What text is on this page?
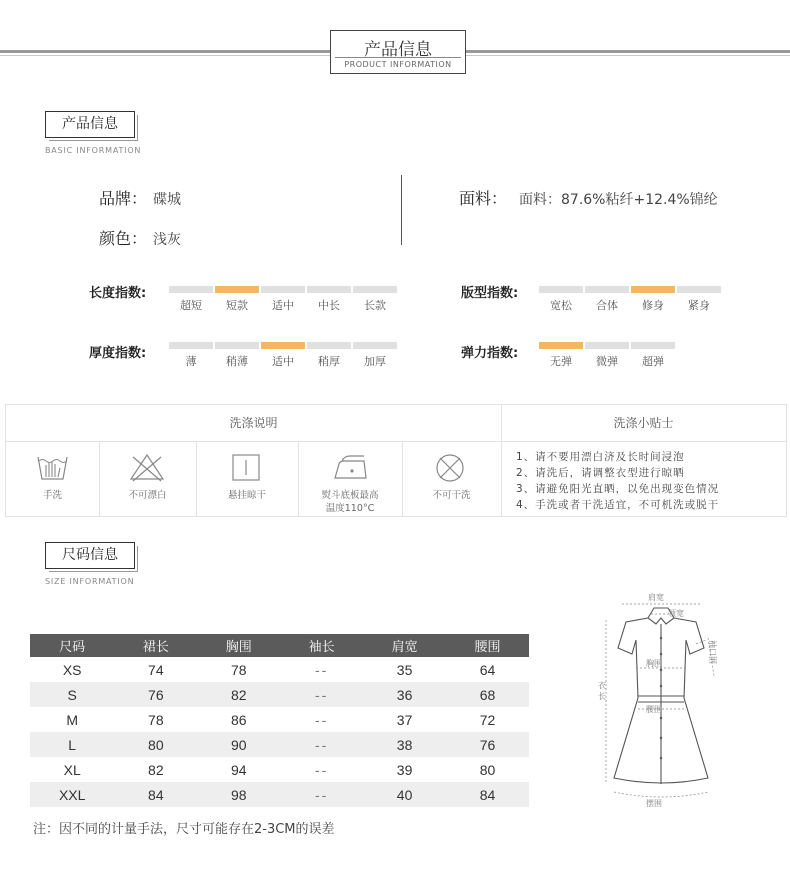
产品信息
PRODUCT INFORMATION
产品信息
BASIC INFORMATION
品牌： 碟城
颜色： 浅灰
面料： 面料：87.6%粘纤+12.4%锦纶
长度指数:
超短 短款 适中 中长 长款
版型指数:
宽松 合体 修身 紧身
厚度指数:
薄	稍薄 适中 稍厚 加厚
弹力指数:
无弹 微弹 超弹
洗涤说明	洗涤小贴士
手洗	不可漂白	悬挂晾干	熨斗底板最高
温度110°C
不可干洗
1、请不要用漂白济及长时间浸泡
2、请洗后，请调整衣型进行晾晒
3、请避免阳光直晒，以免出现变色情况
4、手洗或者干洗适宜，不可机洗或脱干
尺码信息
SIZE INFORMATION
尺码	裙长	胸围	袖长	肩宽	腰围
XS	74	78	--	35	64
S	76	82	--	36	68
M	78	86	--	37	72
L	80	90	--	38	76
XL	82	94	--	39	80
XXL	84	98	--	40	84
注：因不同的计量手法，尺寸可能存在2-3CM的误差
肩宽
领宽
胸围	袖口围
衣
长
腰围
摆围
